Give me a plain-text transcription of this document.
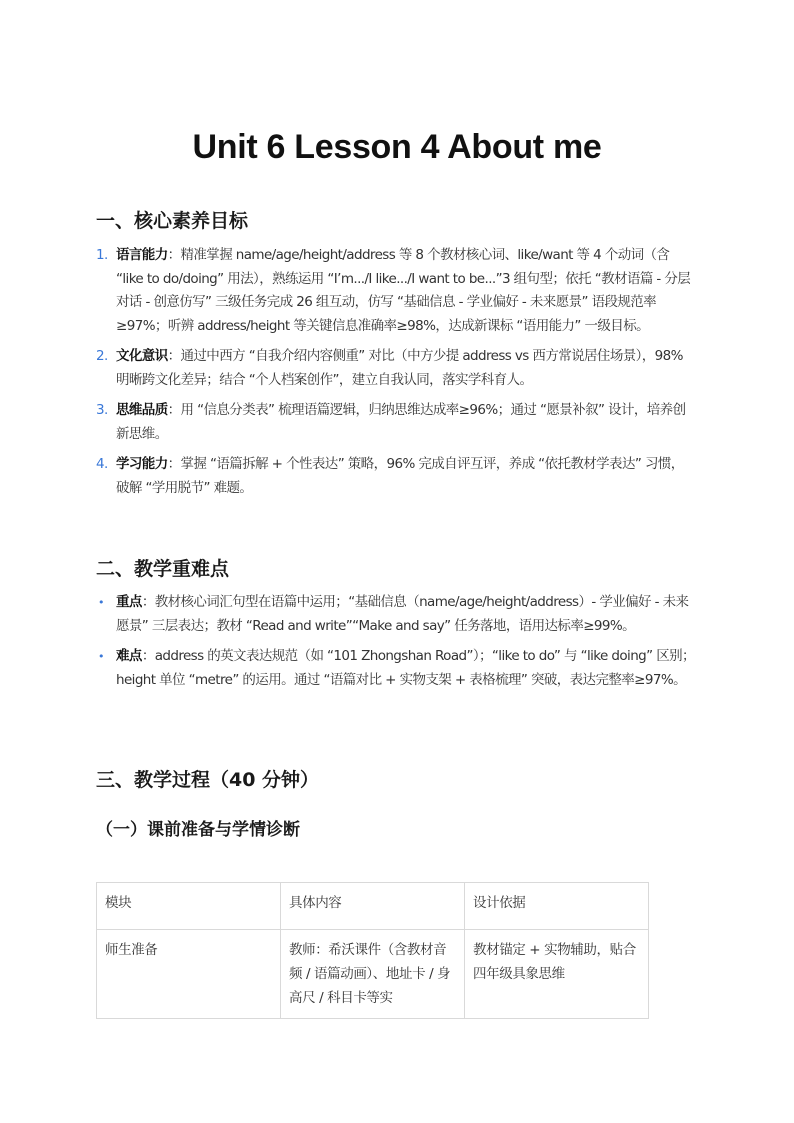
Unit 6 Lesson 4 About me
一、核心素养目标
1. 语言能力：精准掌握 name/age/height/address 等 8 个教材核心词、like/want 等 4 个动词（含 “like to do/doing” 用法），熟练运用 “I’m.../I like.../I want to be...”3 组句型；依托 “教材语篇 - 分层对话 - 创意仿写” 三级任务完成 26 组互动，仿写 “基础信息 - 学业偏好 - 未来愿景” 语段规范率≥97%；听辨 address/height 等关键信息准确率≥98%，达成新课标 “语用能力” 一级目标。
2. 文化意识：通过中西方 “自我介绍内容侧重” 对比（中方少提 address vs 西方常说居住场景），98% 明晰跨文化差异；结合 “个人档案创作”，建立自我认同，落实学科育人。
3. 思维品质：用 “信息分类表” 梳理语篇逻辑，归纳思维达成率≥96%；通过 “愿景补叙” 设计，培养创新思维。
4. 学习能力：掌握 “语篇拆解 + 个性表达” 策略，96% 完成自评互评，养成 “依托教材学表达” 习惯，破解 “学用脱节” 难题。
二、教学重难点
• 重点：教材核心词汇句型在语篇中运用；“基础信息（name/age/height/address）- 学业偏好 - 未来愿景” 三层表达；教材 “Read and write”“Make and say” 任务落地，语用达标率≥99%。
• 难点：address 的英文表达规范（如 “101 Zhongshan Road”）；“like to do” 与 “like doing” 区别；height 单位 “metre” 的运用。通过 “语篇对比 + 实物支架 + 表格梳理” 突破，表达完整率≥97%。
三、教学过程（40 分钟）
（一）课前准备与学情诊断
模块	具体内容	设计依据
师生准备	教师：希沃课件（含教材音频 / 语篇动画）、地址卡 / 身高尺 / 科目卡等实	教材锚定 + 实物辅助，贴合四年级具象思维
